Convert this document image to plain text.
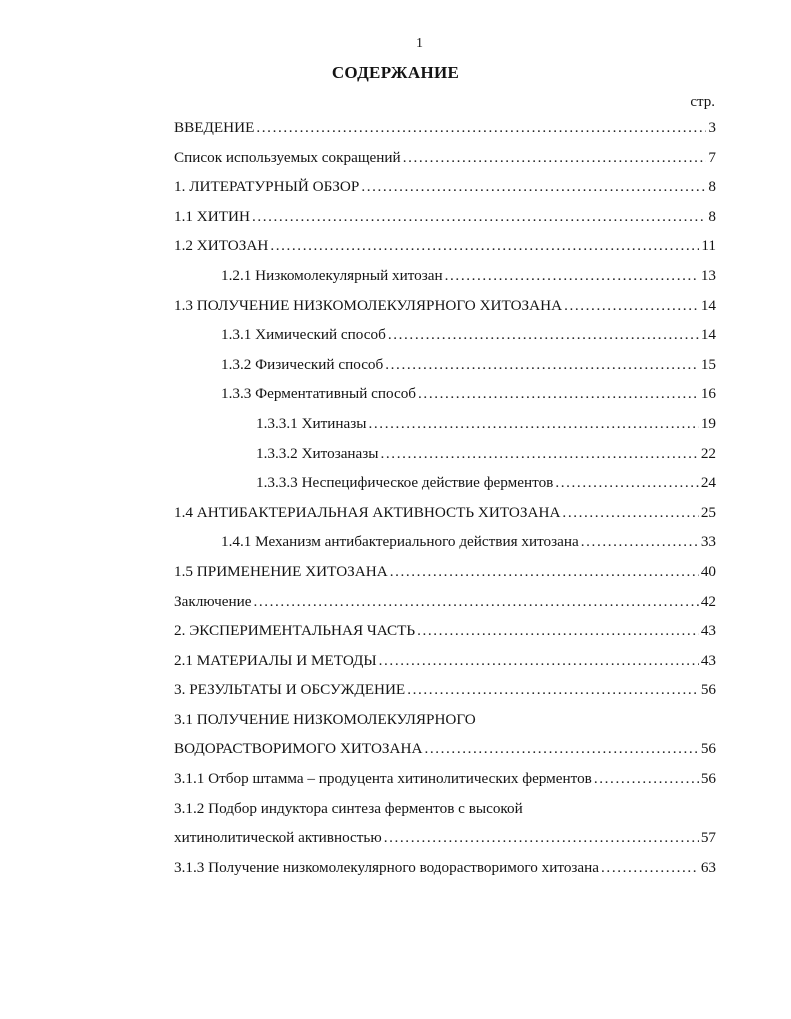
1
СОДЕРЖАНИЕ
стр.
ВВЕДЕНИЕ .....	3
Список используемых сокращений .....	7
1. ЛИТЕРАТУРНЫЙ ОБЗОР .....	8
1.1 ХИТИН .....	8
1.2 ХИТОЗАН .....	11
1.2.1 Низкомолекулярный хитозан .....	13
1.3 ПОЛУЧЕНИЕ НИЗКОМОЛЕКУЛЯРНОГО ХИТОЗАНА .....	14
1.3.1 Химический способ .....	14
1.3.2 Физический способ .....	15
1.3.3 Ферментативный способ .....	16
1.3.3.1 Хитиназы .....	19
1.3.3.2 Хитозаназы .....	22
1.3.3.3 Неспецифическое действие ферментов .....	24
1.4 АНТИБАКТЕРИАЛЬНАЯ АКТИВНОСТЬ ХИТОЗАНА .....	25
1.4.1 Механизм антибактериального действия хитозана .....	33
1.5 ПРИМЕНЕНИЕ ХИТОЗАНА .....	40
Заключение .....	42
2. ЭКСПЕРИМЕНТАЛЬНАЯ ЧАСТЬ .....	43
2.1 МАТЕРИАЛЫ И МЕТОДЫ .....	43
3. РЕЗУЛЬТАТЫ И ОБСУЖДЕНИЕ .....	56
3.1 ПОЛУЧЕНИЕ НИЗКОМОЛЕКУЛЯРНОГО
ВОДОРАСТВОРИМОГО ХИТОЗАНА .....	56
3.1.1 Отбор штамма – продуцента хитинолитических ферментов .....	56
3.1.2 Подбор индуктора синтеза ферментов с высокой
хитинолитической активностью .....	57
3.1.3 Получение низкомолекулярного водорастворимого хитозана .....	63
